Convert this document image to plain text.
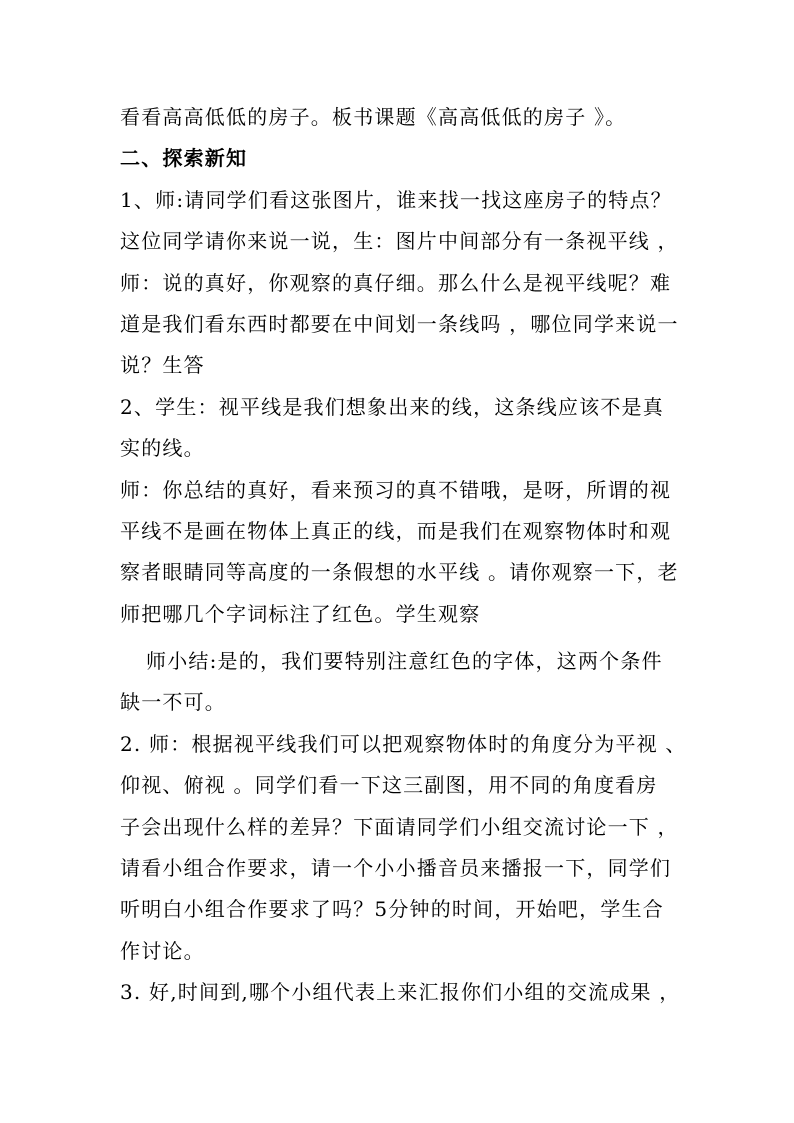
看看高高低低的房子。板书课题《高高低低的房子 》。
二、探索新知
1、师:请同学们看这张图片，谁来找一找这座房子的特点？
这位同学请你来说一说，生：图片中间部分有一条视平线 ，
师：说的真好，你观察的真仔细。那么什么是视平线呢？难
道是我们看东西时都要在中间划一条线吗 ，哪位同学来说一
说？生答
2、学生：视平线是我们想象出来的线，这条线应该不是真
实的线。
师：你总结的真好，看来预习的真不错哦，是呀，所谓的视
平线不是画在物体上真正的线，而是我们在观察物体时和观
察者眼睛同等高度的一条假想的水平线 。请你观察一下，老
师把哪几个字词标注了红色。学生观察
师小结:是的，我们要特别注意红色的字体，这两个条件
缺一不可。
2. 师：根据视平线我们可以把观察物体时的角度分为平视 、
仰视、俯视 。同学们看一下这三副图，用不同的角度看房
子会出现什么样的差异？下面请同学们小组交流讨论一下 ，
请看小组合作要求，请一个小小播音员来播报一下，同学们
听明白小组合作要求了吗？5分钟的时间，开始吧，学生合
作讨论。
3. 好,时间到,哪个小组代表上来汇报你们小组的交流成果 ，
